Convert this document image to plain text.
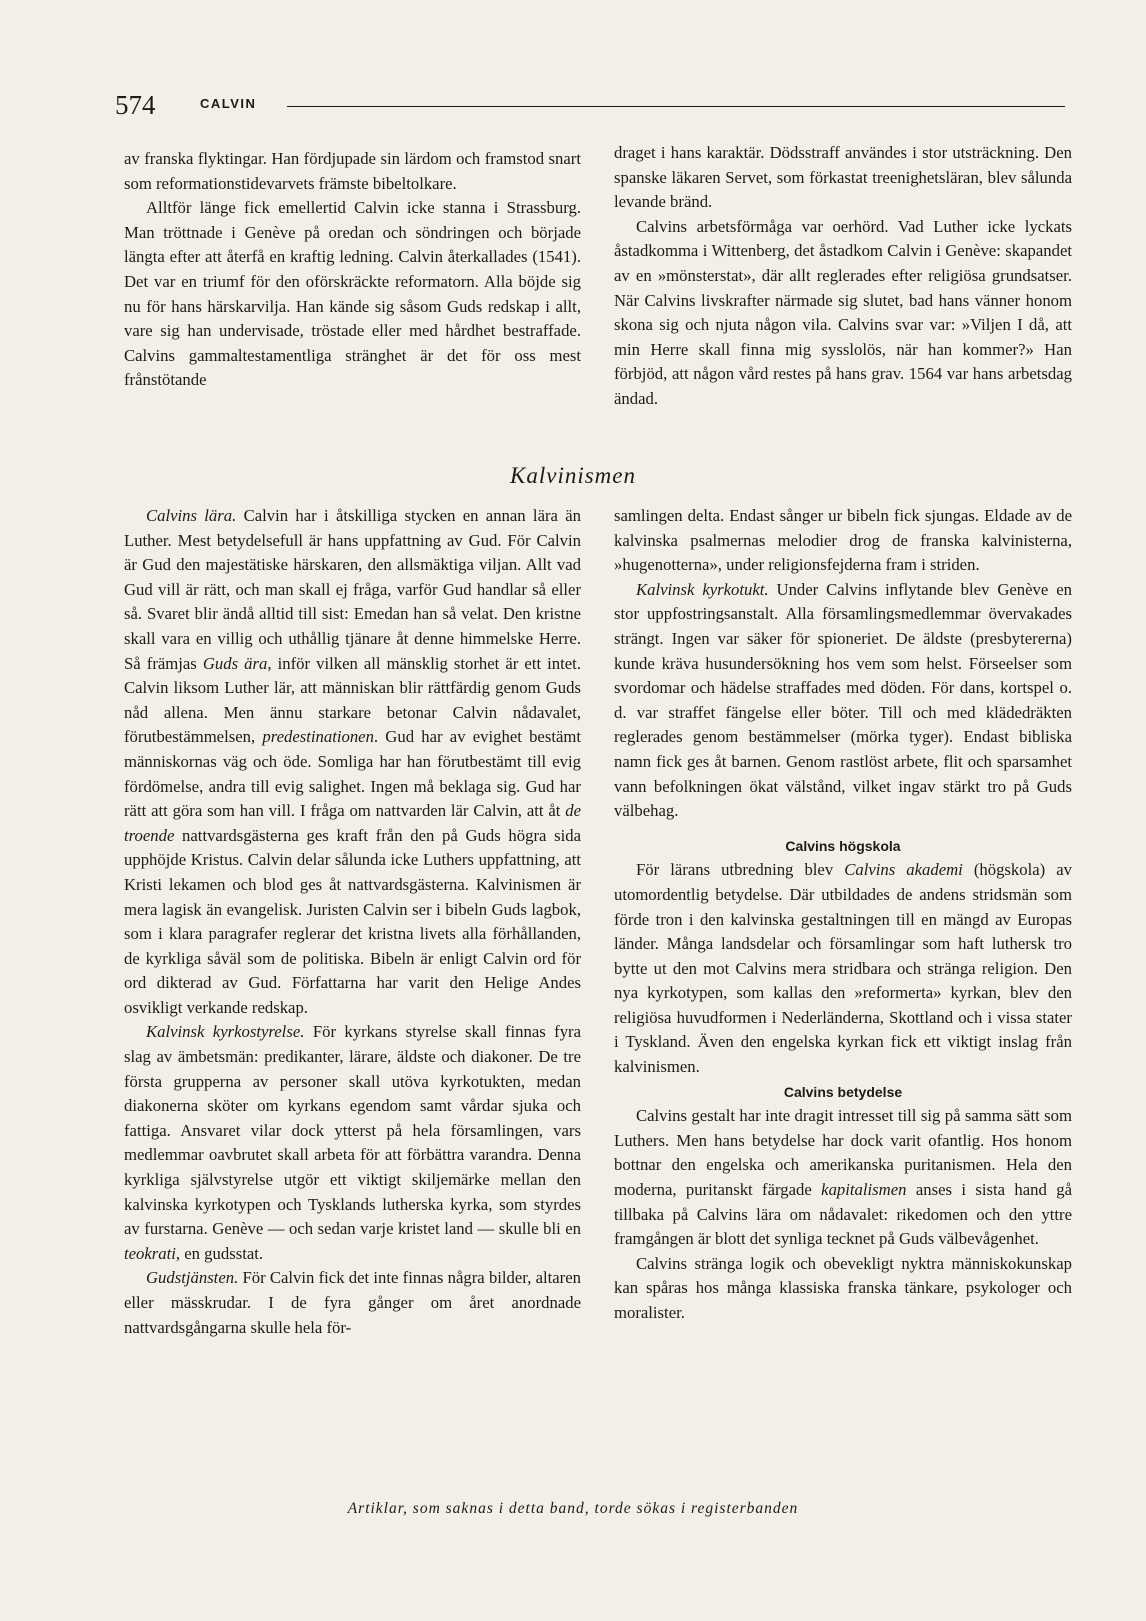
574	CALVIN

av franska flyktingar. Han fördjupade sin lärdom och framstod snart som reformationstidevarvets främste bibeltolkare.

Alltför länge fick emellertid Calvin icke stanna i Strassburg. Man tröttnade i Genève på oredan och söndringen och började längta efter att återfå en kraftig ledning. Calvin återkallades (1541). Det var en triumf för den oförskräckte reformatorn. Alla böjde sig nu för hans härskarvilja. Han kände sig såsom Guds redskap i allt, vare sig han undervisade, tröstade eller med hårdhet bestraffade. Calvins gammaltestamentliga stränghet är det för oss mest frånstötande

draget i hans karaktär. Dödsstraff användes i stor utsträckning. Den spanske läkaren Servet, som förkastat treenighetsläran, blev sålunda levande bränd.

Calvins arbetsförmåga var oerhörd. Vad Luther icke lyckats åstadkomma i Wittenberg, det åstadkom Calvin i Genève: skapandet av en »mönsterstat», där allt reglerades efter religiösa grundsatser. När Calvins livskrafter närmade sig slutet, bad hans vänner honom skona sig och njuta någon vila. Calvins svar var: »Viljen I då, att min Herre skall finna mig sysslolös, när han kommer?» Han förbjöd, att någon vård restes på hans grav. 1564 var hans arbetsdag ändad.

Kalvinismen

Calvins lära. Calvin har i åtskilliga stycken en annan lära än Luther. Mest betydelsefull är hans uppfattning av Gud. För Calvin är Gud den majestätiske härskaren, den allsmäktiga viljan. Allt vad Gud vill är rätt, och man skall ej fråga, varför Gud handlar så eller så. Svaret blir ändå alltid till sist: Emedan han så velat. Den kristne skall vara en villig och uthållig tjänare åt denne himmelske Herre. Så främjas Guds ära, inför vilken all mänsklig storhet är ett intet. Calvin liksom Luther lär, att människan blir rättfärdig genom Guds nåd allena. Men ännu starkare betonar Calvin nådavalet, förutbestämmelsen, predestinationen. Gud har av evighet bestämt människornas väg och öde. Somliga har han förutbestämt till evig fördömelse, andra till evig salighet. Ingen må beklaga sig. Gud har rätt att göra som han vill. I fråga om nattvarden lär Calvin, att åt de troende nattvardsgästerna ges kraft från den på Guds högra sida upphöjde Kristus. Calvin delar sålunda icke Luthers uppfattning, att Kristi lekamen och blod ges åt nattvardsgästerna. Kalvinismen är mera lagisk än evangelisk. Juristen Calvin ser i bibeln Guds lagbok, som i klara paragrafer reglerar det kristna livets alla förhållanden, de kyrkliga såväl som de politiska. Bibeln är enligt Calvin ord för ord dikterad av Gud. Författarna har varit den Helige Andes osvikligt verkande redskap.

Kalvinsk kyrkostyrelse. För kyrkans styrelse skall finnas fyra slag av ämbetsmän: predikanter, lärare, äldste och diakoner. De tre första grupperna av personer skall utöva kyrkotukten, medan diakonerna sköter om kyrkans egendom samt vårdar sjuka och fattiga. Ansvaret vilar dock ytterst på hela församlingen, vars medlemmar oavbrutet skall arbeta för att förbättra varandra. Denna kyrkliga självstyrelse utgör ett viktigt skiljemärke mellan den kalvinska kyrkotypen och Tysklands lutherska kyrka, som styrdes av furstarna. Genève — och sedan varje kristet land — skulle bli en teokrati, en gudsstat.

Gudstjänsten. För Calvin fick det inte finnas några bilder, altaren eller mässkrudar. I de fyra gånger om året anordnade nattvardsgångarna skulle hela för-

samlingen delta. Endast sånger ur bibeln fick sjungas. Eldade av de kalvinska psalmernas melodier drog de franska kalvinisterna, »hugenotterna», under religionsfejderna fram i striden.

Kalvinsk kyrkotukt. Under Calvins inflytande blev Genève en stor uppfostringsanstalt. Alla församlingsmedlemmar övervakades strängt. Ingen var säker för spioneriet. De äldste (presbytererna) kunde kräva husundersökning hos vem som helst. Förseelser som svordomar och hädelse straffades med döden. För dans, kortspel o. d. var straffet fängelse eller böter. Till och med klädedräkten reglerades genom bestämmelser (mörka tyger). Endast bibliska namn fick ges åt barnen. Genom rastlöst arbete, flit och sparsamhet vann befolkningen ökat välstånd, vilket ingav stärkt tro på Guds välbehag.

Calvins högskola

För lärans utbredning blev Calvins akademi (högskola) av utomordentlig betydelse. Där utbildades de andens stridsmän som förde tron i den kalvinska gestaltningen till en mängd av Europas länder. Många landsdelar och församlingar som haft luthersk tro bytte ut den mot Calvins mera stridbara och stränga religion. Den nya kyrkotypen, som kallas den »reformerta» kyrkan, blev den religiösa huvudformen i Nederländerna, Skottland och i vissa stater i Tyskland. Även den engelska kyrkan fick ett viktigt inslag från kalvinismen.

Calvins betydelse

Calvins gestalt har inte dragit intresset till sig på samma sätt som Luthers. Men hans betydelse har dock varit ofantlig. Hos honom bottnar den engelska och amerikanska puritanismen. Hela den moderna, puritanskt färgade kapitalismen anses i sista hand gå tillbaka på Calvins lära om nådavalet: rikedomen och den yttre framgången är blott det synliga tecknet på Guds välbevågenhet.

Calvins stränga logik och obevekligt nyktra människokunskap kan spåras hos många klassiska franska tänkare, psykologer och moralister.

Artiklar, som saknas i detta band, torde sökas i registerbanden
